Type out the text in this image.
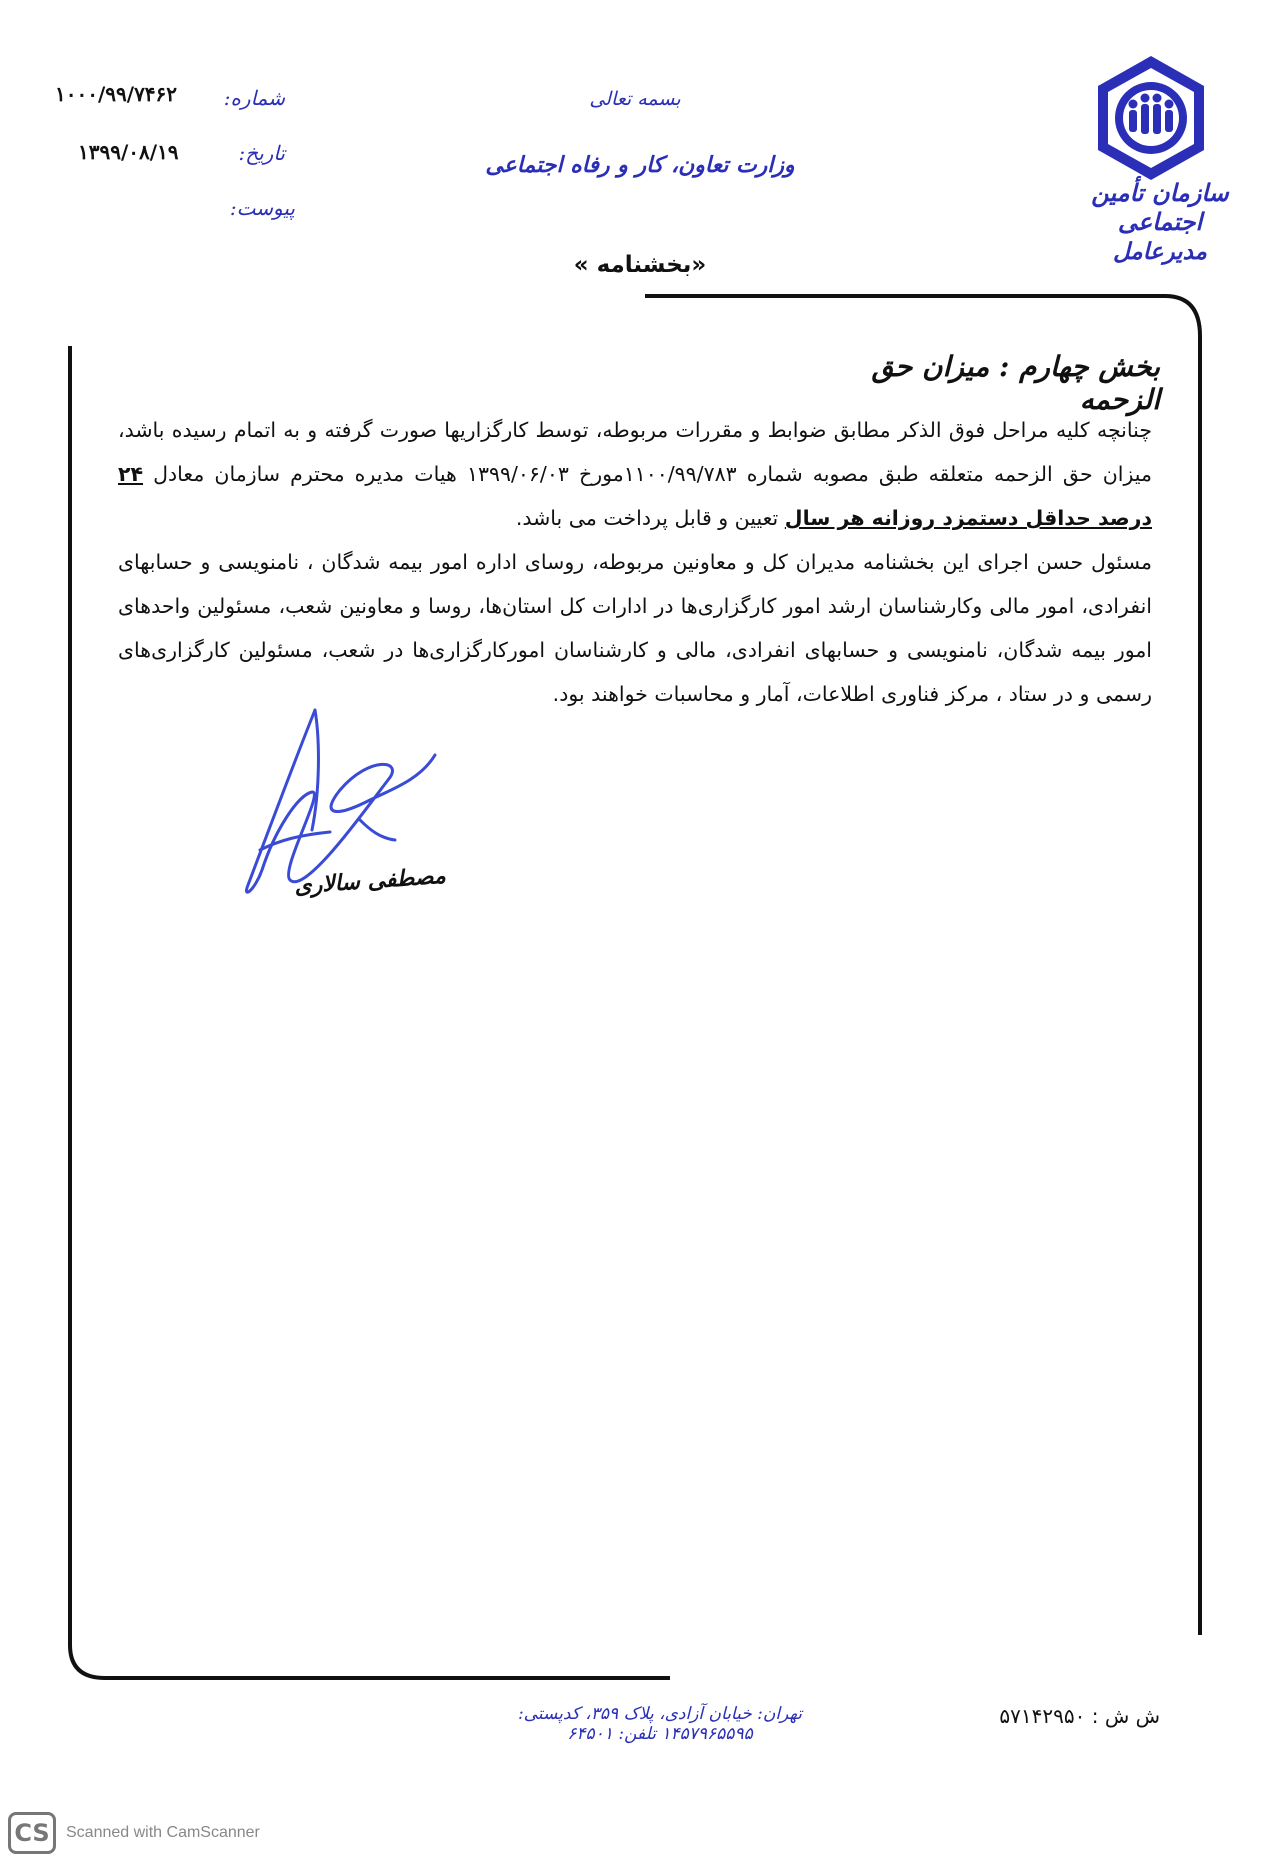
سازمان تأمین اجتماعی
مدیرعامل
بسمه تعالی
وزارت تعاون، کار و رفاه اجتماعی
«بخشنامه »
شماره:
۱۰۰۰/۹۹/۷۴۶۲
تاریخ:
۱۳۹۹/۰۸/۱۹
پیوست:
بخش چهارم : میزان حق الزحمه

چنانچه کلیه مراحل فوق الذکر مطابق ضوابط و مقررات مربوطه، توسط کارگزاریها صورت گرفته و به اتمام رسیده باشد، میزان حق الزحمه متعلقه طبق مصوبه شماره ۱۱۰۰/۹۹/۷۸۳مورخ ۱۳۹۹/۰۶/۰۳ هیات مدیره محترم سازمان معادل ۲۴ درصد حداقل دستمزد روزانه هر سال تعیین و قابل پرداخت می باشد.

مسئول حسن اجرای این بخشنامه مدیران کل و معاونین مربوطه، روسای اداره امور بیمه شدگان ، نامنویسی و حسابهای انفرادی، امور مالی وکارشناسان ارشد امور کارگزاری‌ها در ادارات کل استان‌ها، روسا و معاونین شعب، مسئولین واحدهای امور بیمه شدگان، نامنویسی و حسابهای انفرادی، مالی و کارشناسان امورکارگزاری‌ها در شعب، مسئولین کارگزاری‌های رسمی و در ستاد ، مرکز فناوری اطلاعات، آمار و محاسبات خواهند بود.

مصطفی سالاری
تهران: خیابان آزادی، پلاک ۳۵۹، کدپستی: ۱۴۵۷۹۶۵۵۹۵ تلفن: ۶۴۵۰۱
ش ش : ۵۷۱۴۲۹۵۰
CS	Scanned with CamScanner
